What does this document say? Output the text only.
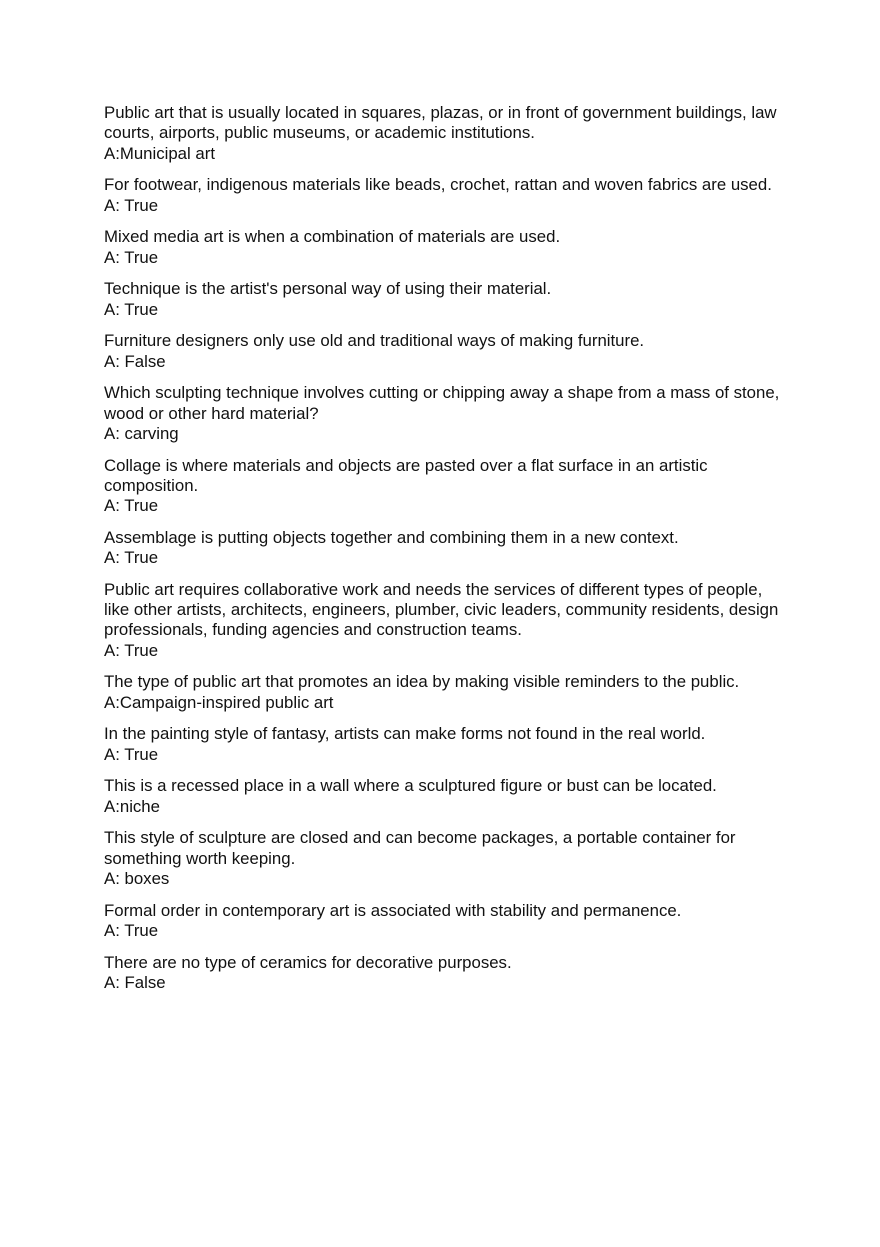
Public art that is usually located in squares, plazas, or in front of government buildings, law courts, airports, public museums, or academic institutions.
A:Municipal art
For footwear, indigenous materials like beads, crochet, rattan and woven fabrics are used.
A: True
Mixed media art is when a combination of materials are used.
A: True
Technique is the artist's personal way of using their material.
A: True
Furniture designers only use old and traditional ways of making furniture.
A: False
Which sculpting technique involves cutting or chipping away a shape from a mass of stone, wood or other hard material?
A: carving
Collage is where materials and objects are pasted over a flat surface in an artistic composition.
A: True
Assemblage is putting objects together and combining them in a new context.
A: True
Public art requires collaborative work and needs the services of different types of people, like other artists, architects, engineers, plumber, civic leaders, community residents, design professionals, funding agencies and construction teams.
A: True
The type of public art that promotes an idea by making visible reminders to the public.
A:Campaign-inspired public art
In the painting style of fantasy, artists can make forms not found in the real world.
A: True
This is a recessed place in a wall where a sculptured figure or bust can be located.
A:niche
This style of sculpture are closed and can become packages, a portable container for something worth keeping.
A: boxes
Formal order in contemporary art is associated with stability and permanence.
A: True
There are no type of ceramics for decorative purposes.
A: False
